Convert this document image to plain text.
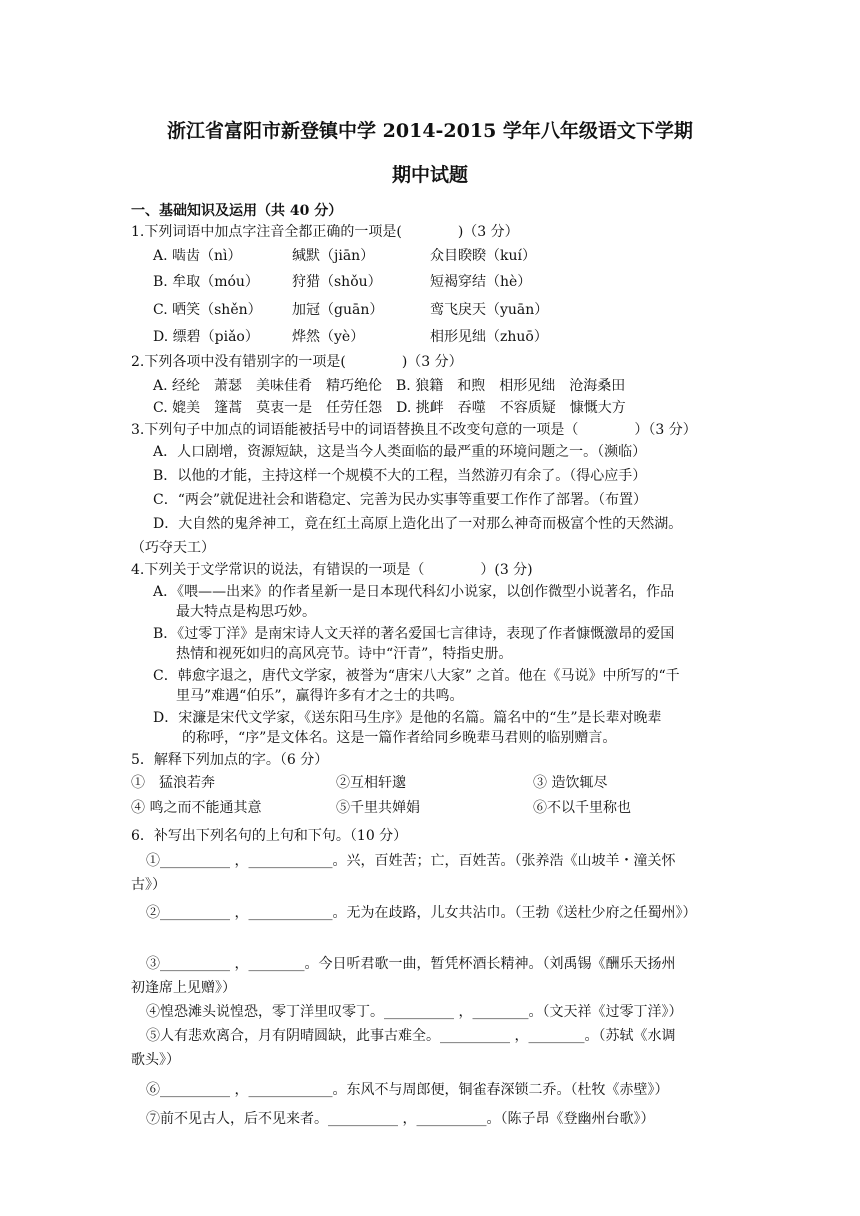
浙江省富阳市新登镇中学 2014-2015 学年八年级语文下学期
期中试题
一、基础知识及运用（共 40 分）
1.下列词语中加点字注音全都正确的一项是(　　　　)（3 分）
A. 啮齿（nì）	缄默（jiān）	众目睽睽（kuí）
B. 牟取（móu） 狩猎（shǒu）	短褐穿结（hè）
C. 哂笑（shěn） 加冠（guān）	鸾飞戾天（yuān）
D. 缥碧（piǎo） 烨然（yè）	相形见绌（zhuō）
2.下列各项中没有错别字的一项是(　　　　)（3 分）
A. 经纶　萧瑟　美味佳肴　精巧绝伦　B. 狼籍　和煦　相形见绌　沧海桑田
C. 媲美　篷蒿　莫衷一是　任劳任怨　D. 挑衅　吞噬　不容质疑　慷慨大方
3.下列句子中加点的词语能被括号中的词语替换且不改变句意的一项是（　　　　）（3 分）
A．人口剧增，资源短缺，这是当今人类面临的最严重的环境问题之一。（濒临）
B．以他的才能，主持这样一个规模不大的工程，当然游刃有余了。（得心应手）
C．“两会”就促进社会和谐稳定、完善为民办实事等重要工作作了部署。（布置）
D．大自然的鬼斧神工，竟在红土高原上造化出了一对那么神奇而极富个性的天然湖。
（巧夺天工）
4.下列关于文学常识的说法，有错误的一项是（　　　　）(3 分)
A．《喂——出来》的作者星新一是日本现代科幻小说家，以创作微型小说著名，作品
最大特点是构思巧妙。
B．《过零丁洋》是南宋诗人文天祥的著名爱国七言律诗，表现了作者慷慨激昂的爱国
热情和视死如归的高风亮节。诗中“汗青”，特指史册。
C．韩愈字退之，唐代文学家，被誉为“唐宋八大家” 之首。他在《马说》中所写的“千
里马”难遇“伯乐”，赢得许多有才之士的共鸣。
D．宋濂是宋代文学家，《送东阳马生序》是他的名篇。篇名中的“生”是长辈对晚辈
的称呼，“序”是文体名。这是一篇作者给同乡晚辈马君则的临别赠言。
5．解释下列加点的字。（6 分）
①　猛浪若奔	②互相轩邈	③ 造饮辄尽
④ 鸣之而不能通其意	⑤千里共婵娟	⑥不以千里称也
6．补写出下列名句的上句和下句。（10 分）
①__________ ，____________。兴，百姓苦；亡，百姓苦。（张养浩《山坡羊・潼关怀
古》）
②__________ ，____________。无为在歧路，儿女共沾巾。（王勃《送杜少府之任蜀州》）
③__________ ，________。今日听君歌一曲，暂凭杯酒长精神。（刘禹锡《酬乐天扬州
初逢席上见赠》）
④惶恐滩头说惶恐，零丁洋里叹零丁。__________ ，________。（文天祥《过零丁洋》）
⑤人有悲欢离合，月有阴晴圆缺，此事古难全。__________ ，________。（苏轼《水调
歌头》）
⑥__________ ，____________。东风不与周郎便，铜雀春深锁二乔。（杜牧《赤壁》）
⑦前不见古人，后不见来者。__________ ，__________。（陈子昂《登幽州台歌》）
